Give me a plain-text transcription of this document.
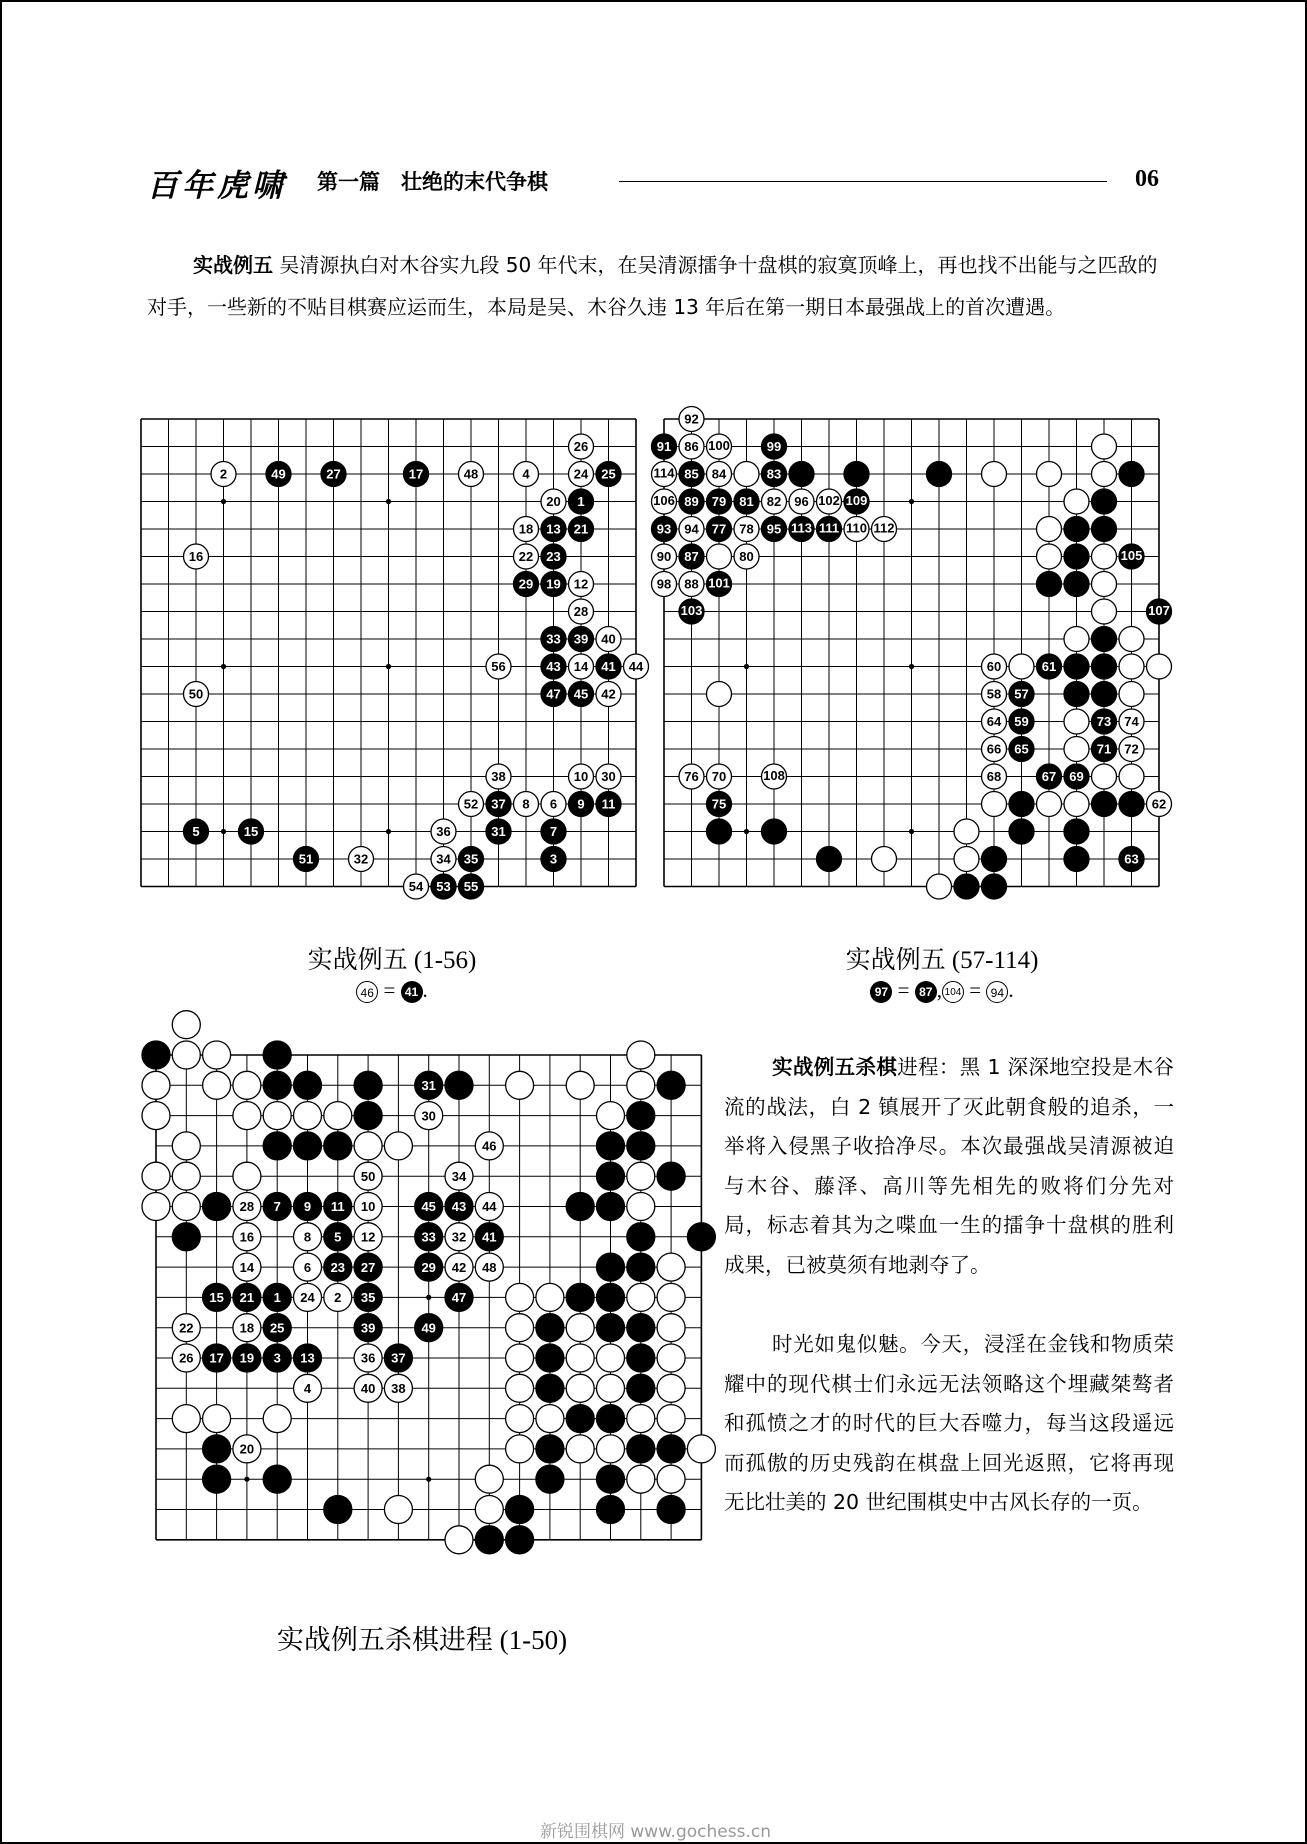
百年虎啸 第一篇　壮绝的末代争棋	06

实战例五 吴清源执白对木谷实九段 50 年代末，在吴清源擂争十盘棋的寂寞顶峰上，再也找不出能与之匹敌的对手，一些新的不贴目棋赛应运而生，本局是吴、木谷久违 13 年后在第一期日本最强战上的首次遭遇。

26
2	49	27	17	48	4	24 25
20 1
18 13 21
16	22 23
29 19 12
28
33 39 40
56	43 14 41 44
50	47 45 42
38	10 30
52 37 8 6 9 11
5	15	36	31	7
51	32	34 35	3
54 53 55
实战例五 (1-56)
46 = 41 .
92
91 86 100	99
114 85 84	83
106 89 79 81 82 96 102 109
93 94 77 78 95 113 111 110 112
90 87	80	105
98 88 101
103	107
60	61
58 57
64 59	73 74
66 65	71 72
76 70	108	68	67 69
75	62
63
实战例五 (57-114)
97 = 87 , 104 = 94 .
31
30
46
50	34
28 7 9 11 10	45 43 44
16	8 5 12	33 32 41
14	6 23 27	29 42 48
15 21 1 24 2 35	47
22	18 25	39	49
26 17 19 3 13	36 37
4	40 38
20
实战例五杀棋进程 (1-50)

实战例五杀棋进程：黑 1 深深地空投是木谷流的战法，白 2 镇展开了灭此朝食般的追杀，一举将入侵黑子收拾净尽。本次最强战吴清源被迫与木谷、藤泽、高川等先相先的败将们分先对局，标志着其为之喋血一生的擂争十盘棋的胜利成果，已被莫须有地剥夺了。

时光如鬼似魅。今天，浸淫在金钱和物质荣耀中的现代棋士们永远无法领略这个埋藏桀骜者和孤愤之才的时代的巨大吞噬力，每当这段遥远而孤傲的历史残韵在棋盘上回光返照，它将再现无比壮美的 20 世纪围棋史中古风长存的一页。

新锐围棋网 www.gochess.cn
